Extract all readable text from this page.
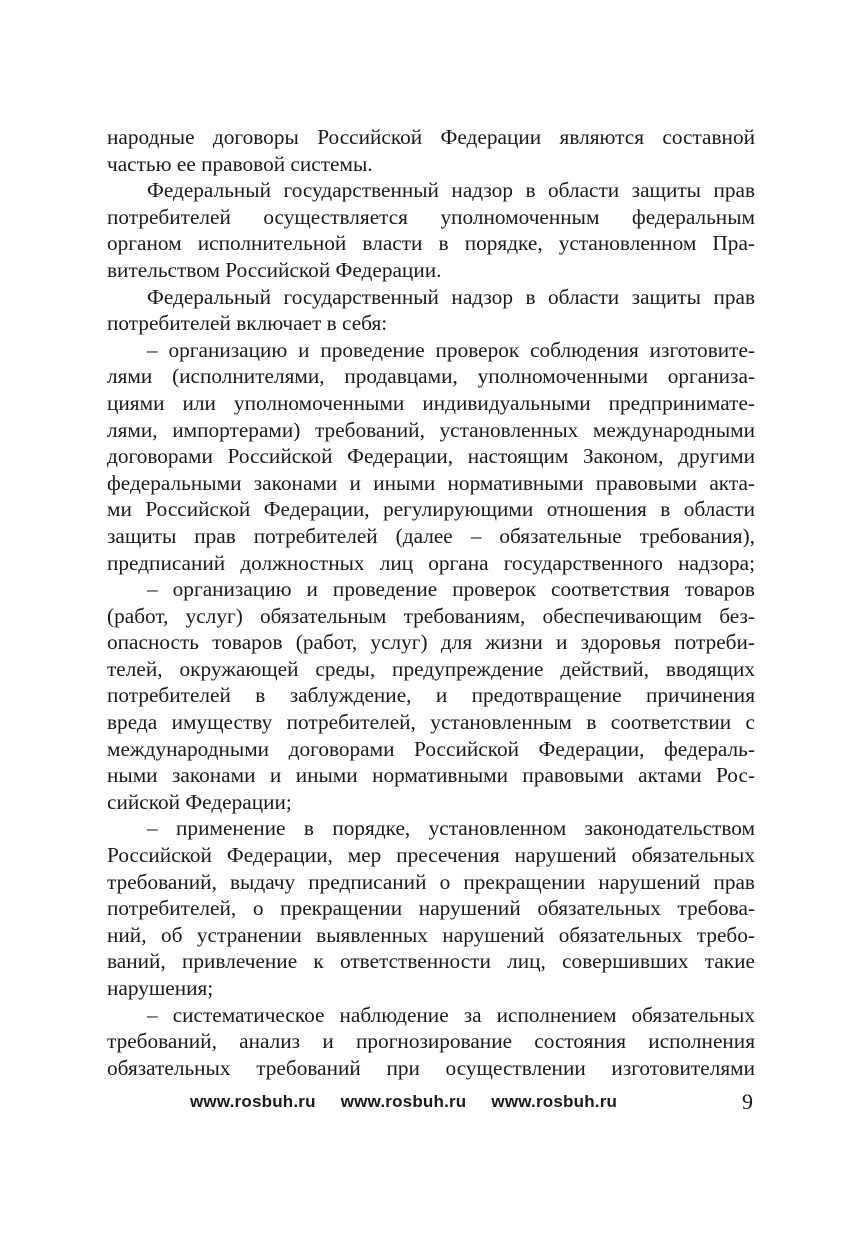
народные договоры Российской Федерации являются составной
частью ее правовой системы.
Федеральный государственный надзор в области защиты прав
потребителей осуществляется уполномоченным федеральным
органом исполнительной власти в порядке, установленном Пра-
вительством Российской Федерации.
Федеральный государственный надзор в области защиты прав
потребителей включает в себя:
– организацию и проведение проверок соблюдения изготовите-
лями (исполнителями, продавцами, уполномоченными организа-
циями или уполномоченными индивидуальными предпринимате-
лями, импортерами) требований, установленных международными
договорами Российской Федерации, настоящим Законом, другими
федеральными законами и иными нормативными правовыми акта-
ми Российской Федерации, регулирующими отношения в области
защиты прав потребителей (далее – обязательные требования),
предписаний должностных лиц органа государственного надзора;
– организацию и проведение проверок соответствия товаров
(работ, услуг) обязательным требованиям, обеспечивающим без-
опасность товаров (работ, услуг) для жизни и здоровья потреби-
телей, окружающей среды, предупреждение действий, вводящих
потребителей в заблуждение, и предотвращение причинения
вреда имуществу потребителей, установленным в соответствии с
международными договорами Российской Федерации, федераль-
ными законами и иными нормативными правовыми актами Рос-
сийской Федерации;
– применение в порядке, установленном законодательством
Российской Федерации, мер пресечения нарушений обязательных
требований, выдачу предписаний о прекращении нарушений прав
потребителей, о прекращении нарушений обязательных требова-
ний, об устранении выявленных нарушений обязательных требо-
ваний, привлечение к ответственности лиц, совершивших такие
нарушения;
– систематическое наблюдение за исполнением обязательных
требований, анализ и прогнозирование состояния исполнения
обязательных требований при осуществлении изготовителями
www.rosbuh.ru www.rosbuh.ru www.rosbuh.ru	9
